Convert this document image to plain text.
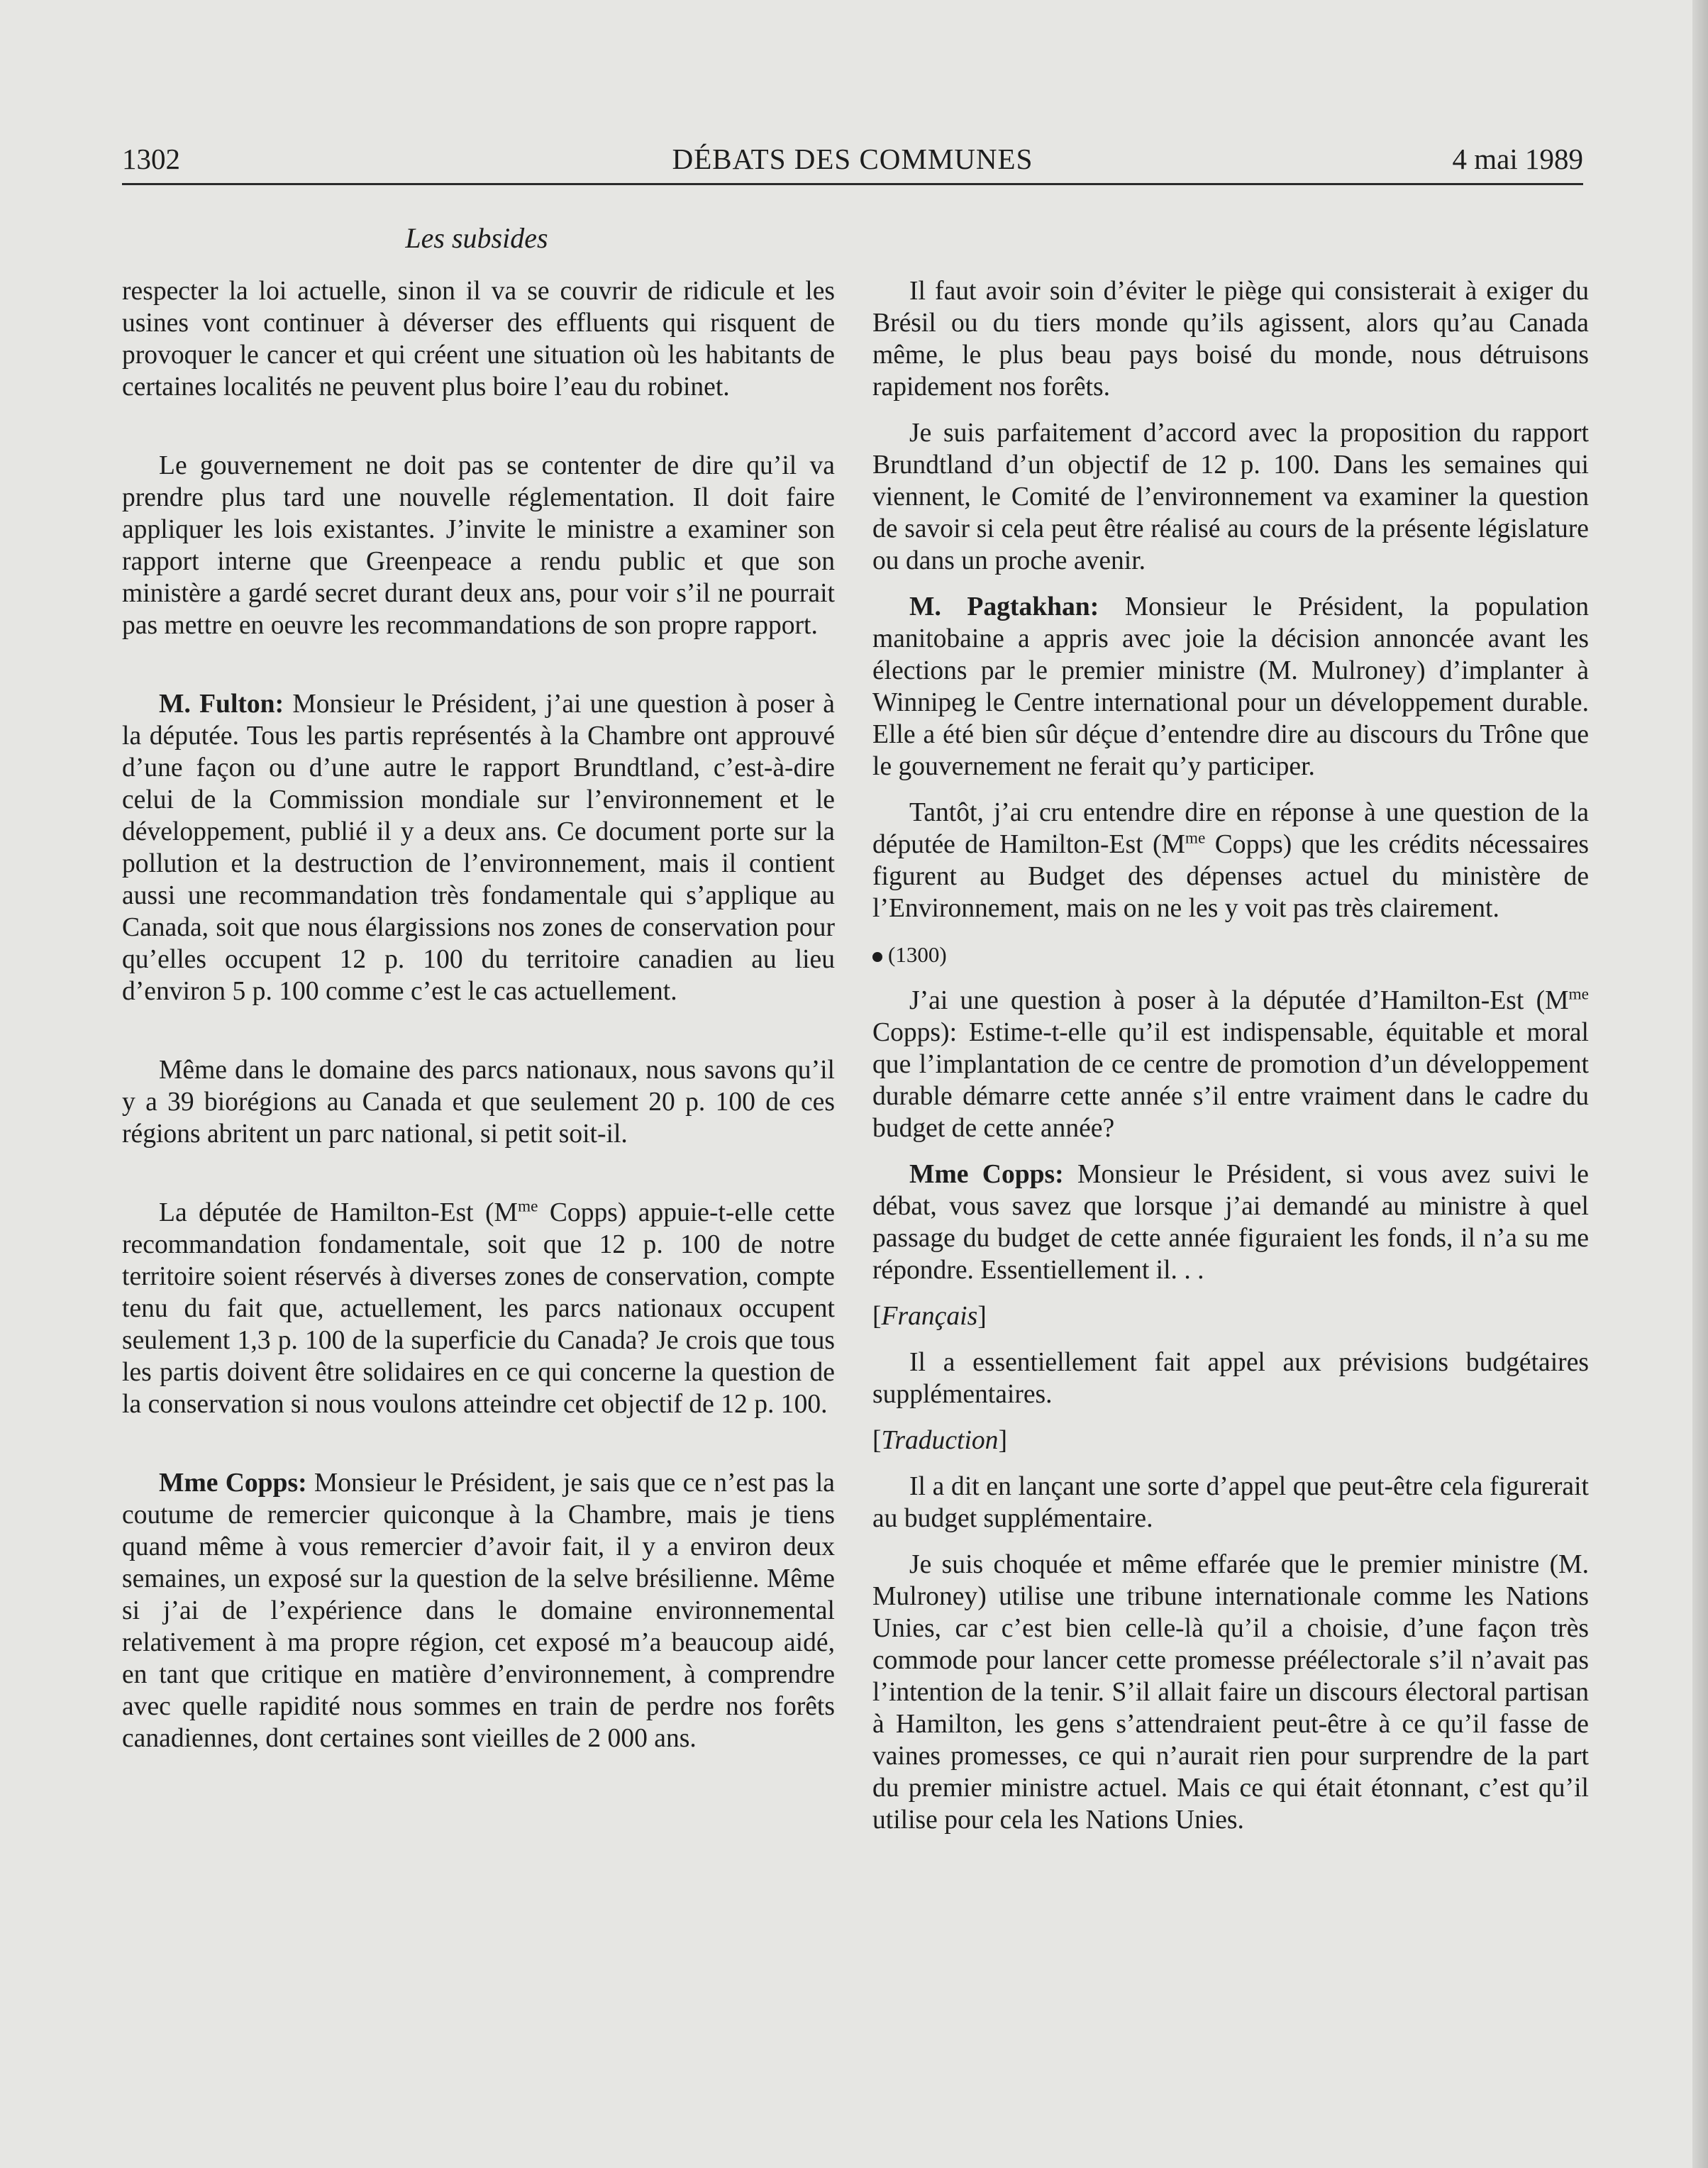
1302	DÉBATS DES COMMUNES	4 mai 1989
Les subsides

respecter la loi actuelle, sinon il va se couvrir de ridicule et les usines vont continuer à déverser des effluents qui risquent de provoquer le cancer et qui créent une situation où les habitants de certaines localités ne peuvent plus boire l’eau du robinet.

Le gouvernement ne doit pas se contenter de dire qu’il va prendre plus tard une nouvelle réglementation. Il doit faire appliquer les lois existantes. J’invite le ministre a examiner son rapport interne que Greenpeace a rendu public et que son ministère a gardé secret durant deux ans, pour voir s’il ne pourrait pas mettre en oeuvre les recommandations de son propre rapport.

M. Fulton: Monsieur le Président, j’ai une question à poser à la députée. Tous les partis représentés à la Chambre ont approuvé d’une façon ou d’une autre le rapport Brundtland, c’est-à-dire celui de la Commission mondiale sur l’environnement et le développement, publié il y a deux ans. Ce document porte sur la pollution et la destruction de l’environnement, mais il contient aussi une recommandation très fondamentale qui s’applique au Canada, soit que nous élargissions nos zones de conservation pour qu’elles occupent 12 p. 100 du territoire canadien au lieu d’environ 5 p. 100 comme c’est le cas actuellement.

Même dans le domaine des parcs nationaux, nous savons qu’il y a 39 biorégions au Canada et que seulement 20 p. 100 de ces régions abritent un parc national, si petit soit-il.

La députée de Hamilton-Est ($M^{me}$ Copps) appuie-t-elle cette recommandation fondamentale, soit que 12 p. 100 de notre territoire soient réservés à diverses zones de conservation, compte tenu du fait que, actuellement, les parcs nationaux occupent seulement 1,3 p. 100 de la superficie du Canada? Je crois que tous les partis doivent être solidaires en ce qui concerne la question de la conservation si nous voulons atteindre cet objectif de 12 p. 100.

Mme Copps: Monsieur le Président, je sais que ce n’est pas la coutume de remercier quiconque à la Chambre, mais je tiens quand même à vous remercier d’avoir fait, il y a environ deux semaines, un exposé sur la question de la selve brésilienne. Même si j’ai de l’expérience dans le domaine environnemental relativement à ma propre région, cet exposé m’a beaucoup aidé, en tant que critique en matière d’environnement, à comprendre avec quelle rapidité nous sommes en train de perdre nos forêts canadiennes, dont certaines sont vieilles de 2 000 ans.

Il faut avoir soin d’éviter le piège qui consisterait à exiger du Brésil ou du tiers monde qu’ils agissent, alors qu’au Canada même, le plus beau pays boisé du monde, nous détruisons rapidement nos forêts.

Je suis parfaitement d’accord avec la proposition du rapport Brundtland d’un objectif de 12 p. 100. Dans les semaines qui viennent, le Comité de l’environnement va examiner la question de savoir si cela peut être réalisé au cours de la présente législature ou dans un proche avenir.

M. Pagtakhan: Monsieur le Président, la population manitobaine a appris avec joie la décision annoncée avant les élections par le premier ministre (M. Mulroney) d’implanter à Winnipeg le Centre international pour un développement durable. Elle a été bien sûr déçue d’entendre dire au discours du Trône que le gouvernement ne ferait qu’y participer.

Tantôt, j’ai cru entendre dire en réponse à une question de la députée de Hamilton-Est ($M^{me}$ Copps) que les crédits nécessaires figurent au Budget des dépenses actuel du ministère de l’Environnement, mais on ne les y voit pas très clairement.

(1300)

J’ai une question à poser à la députée d’Hamilton-Est ($M^{me}$ Copps): Estime-t-elle qu’il est indispensable, équitable et moral que l’implantation de ce centre de promotion d’un développement durable démarre cette année s’il entre vraiment dans le cadre du budget de cette année?

Mme Copps: Monsieur le Président, si vous avez suivi le débat, vous savez que lorsque j’ai demandé au ministre à quel passage du budget de cette année figuraient les fonds, il n’a su me répondre. Essentiellement il. . .

[Français]

Il a essentiellement fait appel aux prévisions budgétaires supplémentaires.

[Traduction]

Il a dit en lançant une sorte d’appel que peut-être cela figurerait au budget supplémentaire.

Je suis choquée et même effarée que le premier ministre (M. Mulroney) utilise une tribune internationale comme les Nations Unies, car c’est bien celle-là qu’il a choisie, d’une façon très commode pour lancer cette promesse préélectorale s’il n’avait pas l’intention de la tenir. S’il allait faire un discours électoral partisan à Hamilton, les gens s’attendraient peut-être à ce qu’il fasse de vaines promesses, ce qui n’aurait rien pour surprendre de la part du premier ministre actuel. Mais ce qui était étonnant, c’est qu’il utilise pour cela les Nations Unies.
